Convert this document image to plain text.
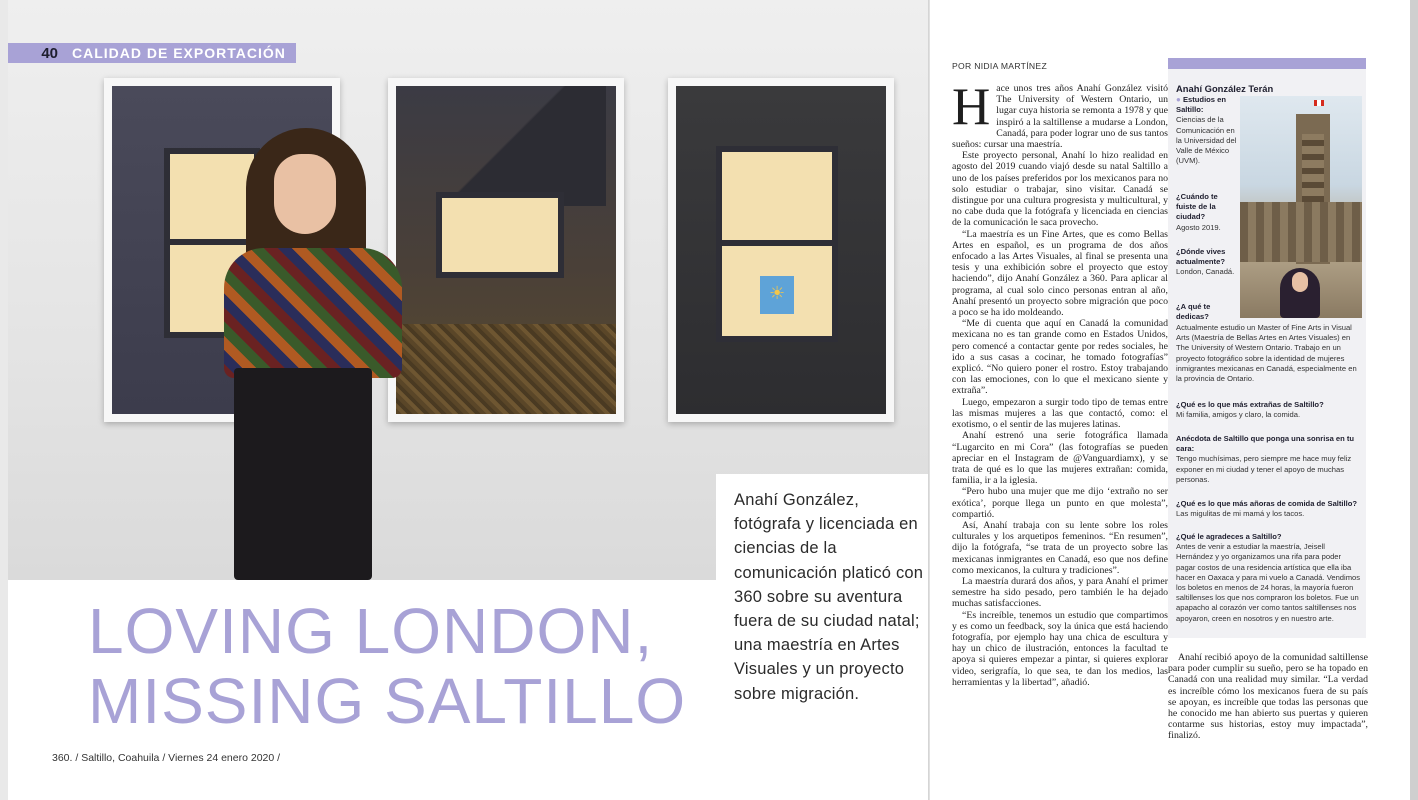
☀
40	CALIDAD DE EXPORTACIÓN
Anahí González, fotógrafa y licenciada en ciencias de la comunicación platicó con 360 sobre su aventura fuera de su ciudad natal; una maestría en Artes Visuales y un proyecto sobre migración.
LOVING LONDON,
MISSING SALTILLO
360. / Saltillo, Coahuila / Viernes 24 enero 2020 /
POR NIDIA MARTÍNEZ

Hace unos tres años Anahí González visitó The University of Western Ontario, un lugar cuya historia se remonta a 1978 y que inspiró a la saltillense a mudarse a London, Canadá, para poder lograr uno de sus tantos sueños: cursar una maestría.

Este proyecto personal, Anahí lo hizo realidad en agosto del 2019 cuando viajó desde su natal Saltillo a uno de los países preferidos por los mexicanos para no solo estudiar o trabajar, sino visitar. Canadá se distingue por una cultura progresista y multicultural, y no cabe duda que la fotógrafa y licenciada en ciencias de la comunicación le saca provecho.

“La maestría es un Fine Artes, que es como Bellas Artes en español, es un programa de dos años enfocado a las Artes Visuales, al final se presenta una tesis y una exhibición sobre el proyecto que estoy haciendo”, dijo Anahí González a 360. Para aplicar al programa, al cual solo cinco personas entran al año, Anahí presentó un proyecto sobre migración que poco a poco se ha ido moldeando.

“Me di cuenta que aquí en Canadá la comunidad mexicana no es tan grande como en Estados Unidos, pero comencé a contactar gente por redes sociales, he ido a sus casas a cocinar, he tomado fotografías” explicó. “No quiero poner el rostro. Estoy trabajando con las emociones, con lo que el mexicano siente y extraña”.

Luego, empezaron a surgir todo tipo de temas entre las mismas mujeres a las que contactó, como: el exotismo, o el sentir de las mujeres latinas.

Anahí estrenó una serie fotográfica llamada “Lugarcito en mi Cora” (las fotografías se pueden apreciar en el Instagram de @Vanguardiamx), y se trata de qué es lo que las mujeres extrañan: comida, familia, ir a la iglesia.

“Pero hubo una mujer que me dijo ‘extraño no ser exótica’, porque llega un punto en que molesta”, compartió.

Así, Anahí trabaja con su lente sobre los roles culturales y los arquetipos femeninos. “En resumen”, dijo la fotógrafa, “se trata de un proyecto sobre las mexicanas inmigrantes en Canadá, eso que nos define como mexicanos, la cultura y tradiciones”.

La maestría durará dos años, y para Anahí el primer semestre ha sido pesado, pero también le ha dejado muchas satisfacciones.

“Es increíble, tenemos un estudio que compartimos y es como un feedback, soy la única que está haciendo fotografía, por ejemplo hay una chica de escultura y hay un chico de ilustración, entonces la facultad te apoya si quieres empezar a pintar, si quieres explorar video, serigrafía, lo que sea, te dan los medios, las herramientas y la libertad”, añadió.

Anahí González Terán
● Estudios en Saltillo:
Ciencias de la Comunicación en la Universidad del Valle de México (UVM).
¿Cuándo te fuiste de la ciudad?
Agosto 2019.
¿Dónde vives actualmente?
London, Canadá.
¿A qué te dedicas?
Actualmente estudio un Master of Fine Arts in Visual Arts (Maestría de Bellas Artes en Artes Visuales) en The University of Western Ontario. Trabajo en un proyecto fotográfico sobre la identidad de mujeres inmigrantes mexicanas en Canadá, especialmente en la provincia de Ontario.
¿Qué es lo que más extrañas de Saltillo?
Mi familia, amigos y claro, la comida.
Anécdota de Saltillo que ponga una sonrisa en tu cara:
Tengo muchísimas, pero siempre me hace muy feliz exponer en mi ciudad y tener el apoyo de muchas personas.
¿Qué es lo que más añoras de comida de Saltillo?
Las migulitas de mi mamá y los tacos.
¿Qué le agradeces a Saltillo?
Antes de venir a estudiar la maestría, Jeisell Hernández y yo organizamos una rifa para poder pagar costos de una residencia artística que ella iba hacer en Oaxaca y para mi vuelo a Canadá. Vendimos los boletos en menos de 24 horas, la mayoría fueron saltillenses los que nos compraron los boletos. Fue un apapacho al corazón ver como tantos saltillenses nos apoyaron, creen en nosotros y en nuestro arte.

Anahí recibió apoyo de la comunidad saltillense para poder cumplir su sueño, pero se ha topado en Canadá con una realidad muy similar. “La verdad es increíble cómo los mexicanos fuera de su país se apoyan, es increíble que todas las personas que he conocido me han abierto sus puertas y quieren contarme sus historias, estoy muy impactada”, finalizó.
